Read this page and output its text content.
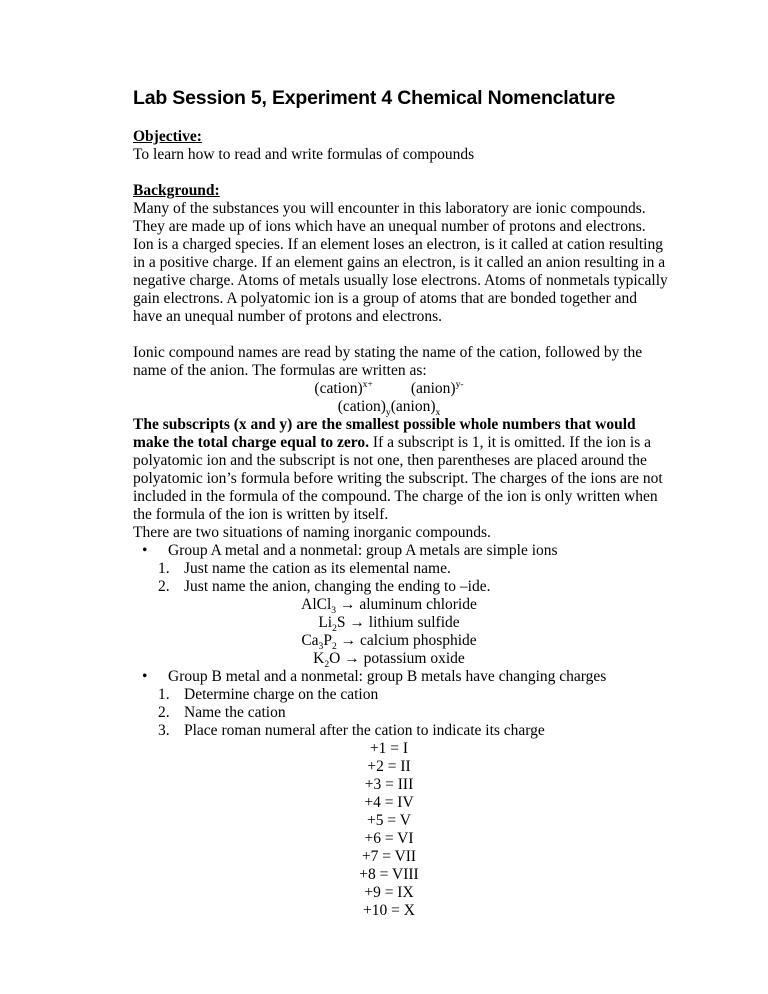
Lab Session 5, Experiment 4 Chemical Nomenclature
Objective:

To learn how to read and write formulas of compounds

Background:

Many of the substances you will encounter in this laboratory are ionic compounds. They are made up of ions which have an unequal number of protons and electrons. Ion is a charged species. If an element loses an electron, is it called at cation resulting in a positive charge. If an element gains an electron, is it called an anion resulting in a negative charge. Atoms of metals usually lose electrons. Atoms of nonmetals typically gain electrons. A polyatomic ion is a group of atoms that are bonded together and have an unequal number of protons and electrons.

Ionic compound names are read by stating the name of the cation, followed by the name of the anion. The formulas are written as:

(cation)$^{x+}$ (anion)$^{y-}$

$(cation)_y(anion)_x$

The subscripts (x and y) are the smallest possible whole numbers that would make the total charge equal to zero. If a subscript is 1, it is omitted. If the ion is a polyatomic ion and the subscript is not one, then parentheses are placed around the polyatomic ion’s formula before writing the subscript. The charges of the ions are not included in the formula of the compound. The charge of the ion is only written when the formula of the ion is written by itself.

There are two situations of naming inorganic compounds.

• Group A metal and a nonmetal: group A metals are simple ions
1. Just name the cation as its elemental name.
2. Just name the anion, changing the ending to –ide.

AlCl$_3$ → aluminum chloride

$Li_2S$ → lithium sulfide

$Ca_3P_2$ → calcium phosphide

$K_2O$ → potassium oxide

• Group B metal and a nonmetal: group B metals have changing charges
1. Determine charge on the cation
2. Name the cation
3. Place roman numeral after the cation to indicate its charge

+1 = I

+2 = II

+3 = III

+4 = IV

+5 = V

+6 = VI

+7 = VII

+8 = VIII

+9 = IX

+10 = X
